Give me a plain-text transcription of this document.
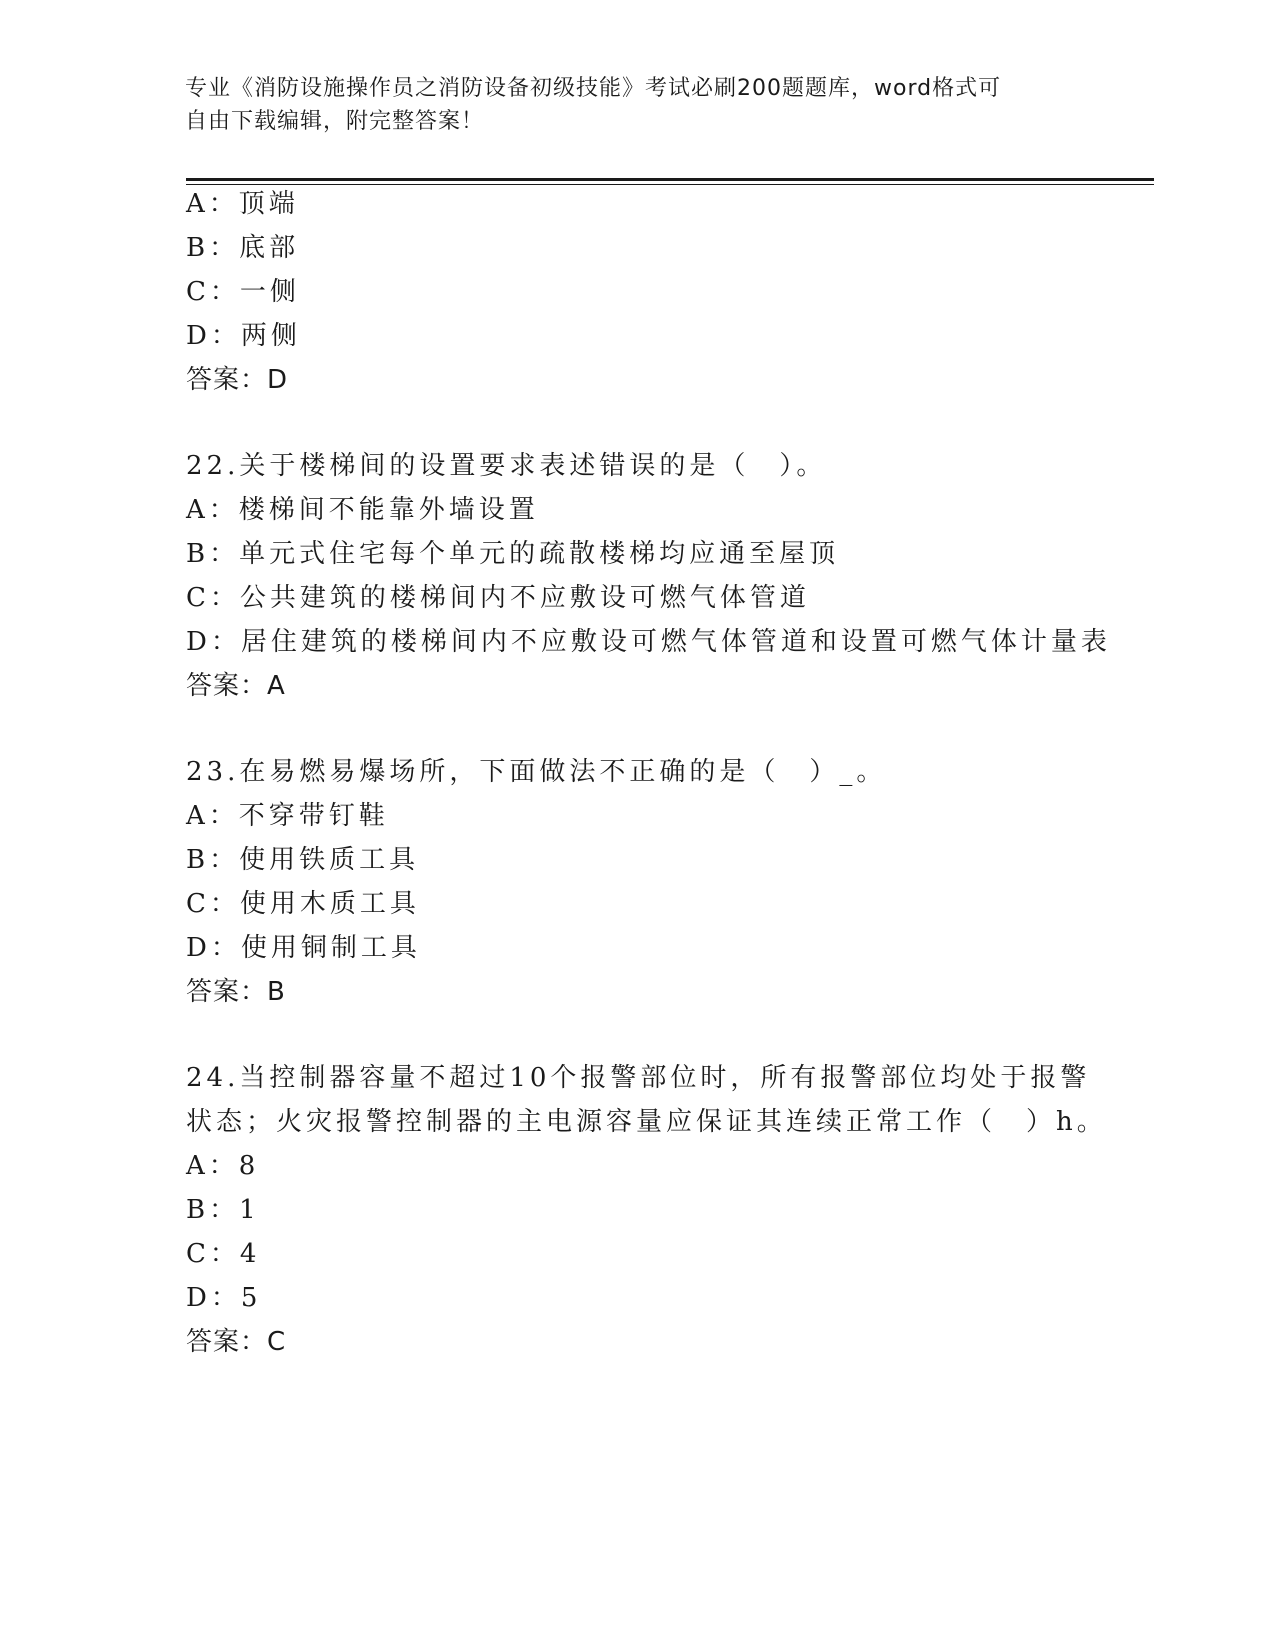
专业《消防设施操作员之消防设备初级技能》考试必刷200题题库，word格式可
自由下载编辑，附完整答案！
A：顶端
B：底部
C：一侧
D：两侧
答案：D
22.关于楼梯间的设置要求表述错误的是（　）。
A：楼梯间不能靠外墙设置
B：单元式住宅每个单元的疏散楼梯均应通至屋顶
C：公共建筑的楼梯间内不应敷设可燃气体管道
D：居住建筑的楼梯间内不应敷设可燃气体管道和设置可燃气体计量表
答案：A
23.在易燃易爆场所，下面做法不正确的是（　）_。
A：不穿带钉鞋
B：使用铁质工具
C：使用木质工具
D：使用铜制工具
答案：B
24.当控制器容量不超过10个报警部位时，所有报警部位均处于报警
状态；火灾报警控制器的主电源容量应保证其连续正常工作（　）h。
A：8
B：1
C：4
D：5
答案：C
